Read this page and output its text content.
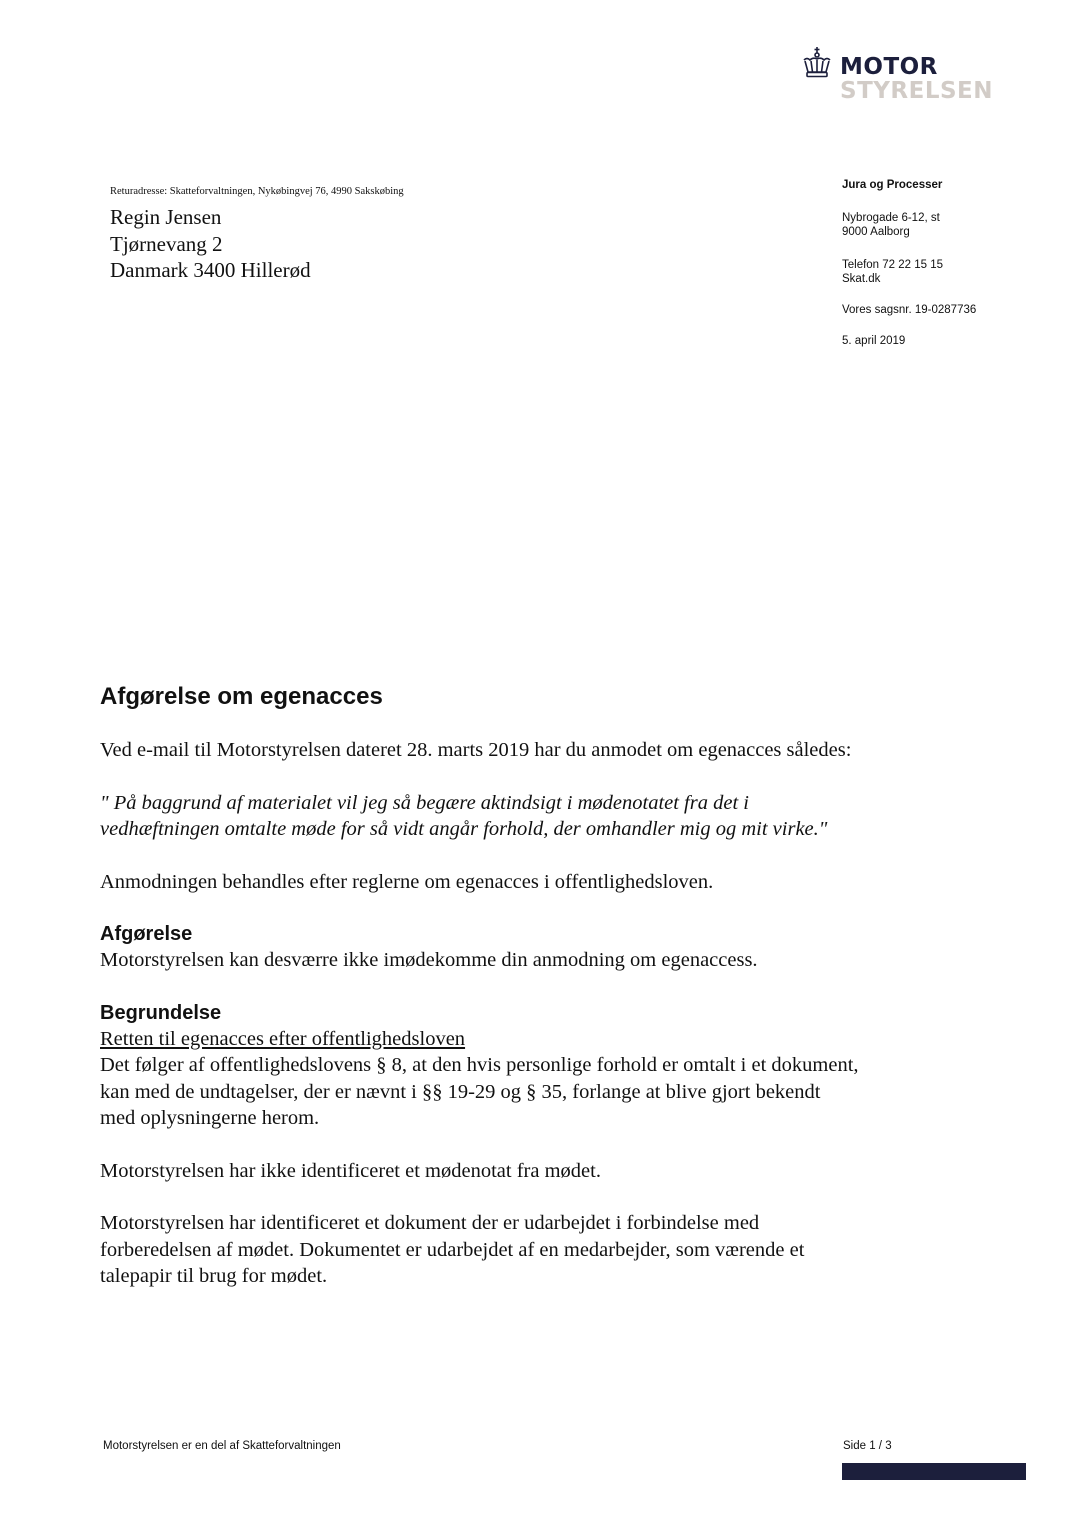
MOTOR
STYRELSEN
Returadresse: Skatteforvaltningen, Nykøbingvej 76, 4990 Sakskøbing
Regin Jensen
Tjørnevang 2
Danmark 3400 Hillerød
Jura og Processer
Nybrogade 6-12, st
9000 Aalborg
Telefon 72 22 15 15
Skat.dk
Vores sagsnr. 19-0287736
5. april 2019
Afgørelse om egenacces

Ved e-mail til Motorstyrelsen dateret 28. marts 2019 har du anmodet om egenacces således:

" På baggrund af materialet vil jeg så begære aktindsigt i mødenotatet fra det i vedhæftningen omtalte møde for så vidt angår forhold, der omhandler mig og mit virke."

Anmodningen behandles efter reglerne om egenacces i offentlighedsloven.

Afgørelse

Motorstyrelsen kan desværre ikke imødekomme din anmodning om egenaccess.

Begrundelse
Retten til egenacces efter offentlighedsloven

Det følger af offentlighedslovens § 8, at den hvis personlige forhold er omtalt i et dokument, kan med de undtagelser, der er nævnt i §§ 19-29 og § 35, forlange at blive gjort bekendt med oplysningerne herom.

Motorstyrelsen har ikke identificeret et mødenotat fra mødet.

Motorstyrelsen har identificeret et dokument der er udarbejdet i forbindelse med forberedelsen af mødet. Dokumentet er udarbejdet af en medarbejder, som værende et talepapir til brug for mødet.

Motorstyrelsen er en del af Skatteforvaltningen	Side 1 / 3
